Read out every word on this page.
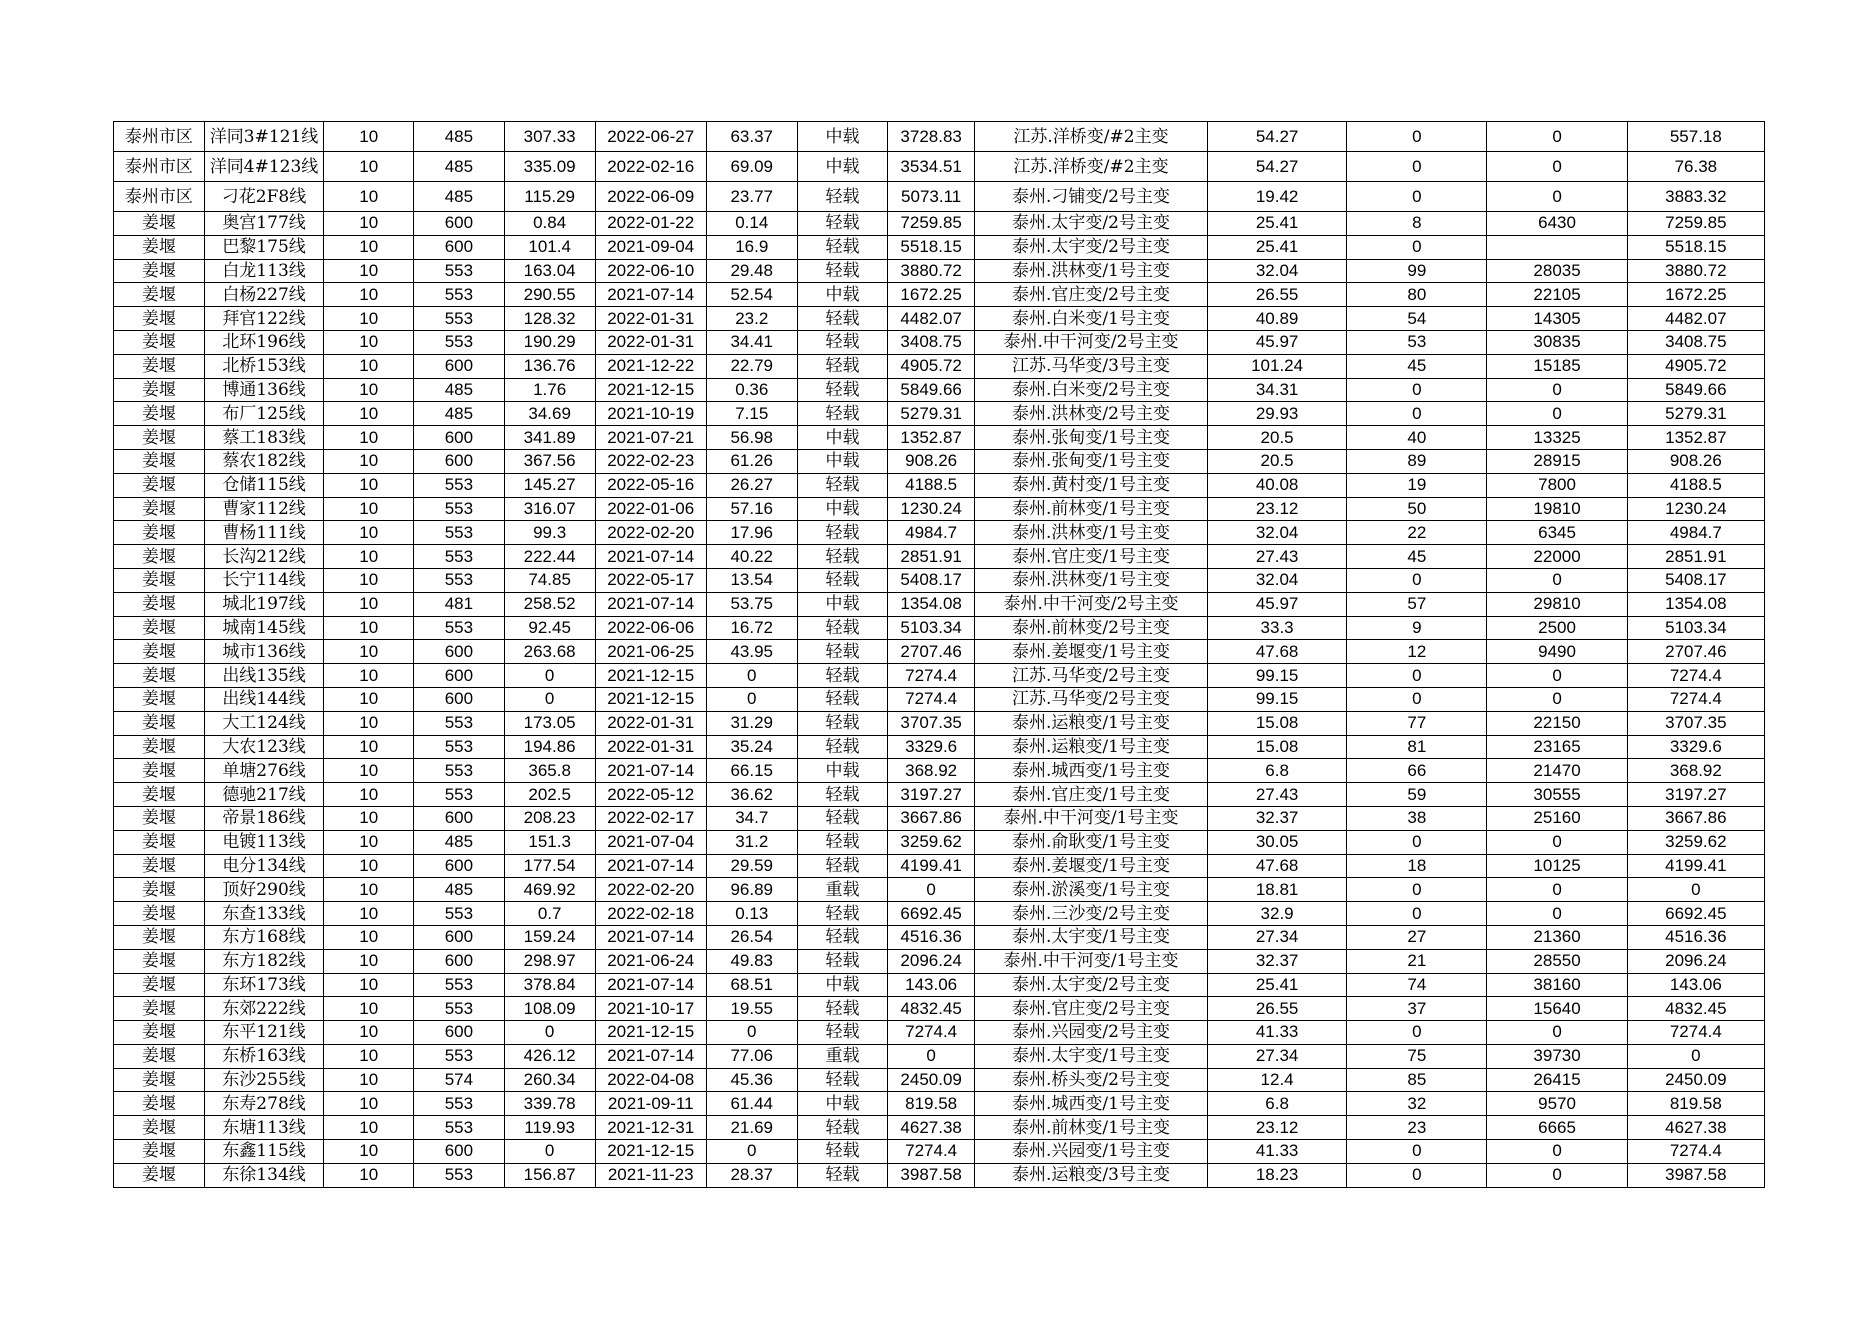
泰州市区	洋同3#121线	10	485	307.33	2022-06-27	63.37	中载	3728.83	江苏.洋桥变/#2主变	54.27	0	0	557.18
泰州市区	洋同4#123线	10	485	335.09	2022-02-16	69.09	中载	3534.51	江苏.洋桥变/#2主变	54.27	0	0	76.38
泰州市区	刁花2F8线	10	485	115.29	2022-06-09	23.77	轻载	5073.11	泰州.刁铺变/2号主变	19.42	0	0	3883.32
姜堰	奥宫177线	10	600	0.84	2022-01-22	0.14	轻载	7259.85	泰州.太宇变/2号主变	25.41	8	6430	7259.85
姜堰	巴黎175线	10	600	101.4	2021-09-04	16.9	轻载	5518.15	泰州.太宇变/2号主变	25.41	0		5518.15
姜堰	白龙113线	10	553	163.04	2022-06-10	29.48	轻载	3880.72	泰州.洪林变/1号主变	32.04	99	28035	3880.72
姜堰	白杨227线	10	553	290.55	2021-07-14	52.54	中载	1672.25	泰州.官庄变/2号主变	26.55	80	22105	1672.25
姜堰	拜官122线	10	553	128.32	2022-01-31	23.2	轻载	4482.07	泰州.白米变/1号主变	40.89	54	14305	4482.07
姜堰	北环196线	10	553	190.29	2022-01-31	34.41	轻载	3408.75	泰州.中干河变/2号主变	45.97	53	30835	3408.75
姜堰	北桥153线	10	600	136.76	2021-12-22	22.79	轻载	4905.72	江苏.马华变/3号主变	101.24	45	15185	4905.72
姜堰	博通136线	10	485	1.76	2021-12-15	0.36	轻载	5849.66	泰州.白米变/2号主变	34.31	0	0	5849.66
姜堰	布厂125线	10	485	34.69	2021-10-19	7.15	轻载	5279.31	泰州.洪林变/2号主变	29.93	0	0	5279.31
姜堰	蔡工183线	10	600	341.89	2021-07-21	56.98	中载	1352.87	泰州.张甸变/1号主变	20.5	40	13325	1352.87
姜堰	蔡农182线	10	600	367.56	2022-02-23	61.26	中载	908.26	泰州.张甸变/1号主变	20.5	89	28915	908.26
姜堰	仓储115线	10	553	145.27	2022-05-16	26.27	轻载	4188.5	泰州.黄村变/1号主变	40.08	19	7800	4188.5
姜堰	曹家112线	10	553	316.07	2022-01-06	57.16	中载	1230.24	泰州.前林变/1号主变	23.12	50	19810	1230.24
姜堰	曹杨111线	10	553	99.3	2022-02-20	17.96	轻载	4984.7	泰州.洪林变/1号主变	32.04	22	6345	4984.7
姜堰	长沟212线	10	553	222.44	2021-07-14	40.22	轻载	2851.91	泰州.官庄变/1号主变	27.43	45	22000	2851.91
姜堰	长宁114线	10	553	74.85	2022-05-17	13.54	轻载	5408.17	泰州.洪林变/1号主变	32.04	0	0	5408.17
姜堰	城北197线	10	481	258.52	2021-07-14	53.75	中载	1354.08	泰州.中干河变/2号主变	45.97	57	29810	1354.08
姜堰	城南145线	10	553	92.45	2022-06-06	16.72	轻载	5103.34	泰州.前林变/2号主变	33.3	9	2500	5103.34
姜堰	城市136线	10	600	263.68	2021-06-25	43.95	轻载	2707.46	泰州.姜堰变/1号主变	47.68	12	9490	2707.46
姜堰	出线135线	10	600	0	2021-12-15	0	轻载	7274.4	江苏.马华变/2号主变	99.15	0	0	7274.4
姜堰	出线144线	10	600	0	2021-12-15	0	轻载	7274.4	江苏.马华变/2号主变	99.15	0	0	7274.4
姜堰	大工124线	10	553	173.05	2022-01-31	31.29	轻载	3707.35	泰州.运粮变/1号主变	15.08	77	22150	3707.35
姜堰	大农123线	10	553	194.86	2022-01-31	35.24	轻载	3329.6	泰州.运粮变/1号主变	15.08	81	23165	3329.6
姜堰	单塘276线	10	553	365.8	2021-07-14	66.15	中载	368.92	泰州.城西变/1号主变	6.8	66	21470	368.92
姜堰	德驰217线	10	553	202.5	2022-05-12	36.62	轻载	3197.27	泰州.官庄变/1号主变	27.43	59	30555	3197.27
姜堰	帝景186线	10	600	208.23	2022-02-17	34.7	轻载	3667.86	泰州.中干河变/1号主变	32.37	38	25160	3667.86
姜堰	电镀113线	10	485	151.3	2021-07-04	31.2	轻载	3259.62	泰州.俞耿变/1号主变	30.05	0	0	3259.62
姜堰	电分134线	10	600	177.54	2021-07-14	29.59	轻载	4199.41	泰州.姜堰变/1号主变	47.68	18	10125	4199.41
姜堰	顶好290线	10	485	469.92	2022-02-20	96.89	重载	0	泰州.淤溪变/1号主变	18.81	0	0	0
姜堰	东查133线	10	553	0.7	2022-02-18	0.13	轻载	6692.45	泰州.三沙变/2号主变	32.9	0	0	6692.45
姜堰	东方168线	10	600	159.24	2021-07-14	26.54	轻载	4516.36	泰州.太宇变/1号主变	27.34	27	21360	4516.36
姜堰	东方182线	10	600	298.97	2021-06-24	49.83	轻载	2096.24	泰州.中干河变/1号主变	32.37	21	28550	2096.24
姜堰	东环173线	10	553	378.84	2021-07-14	68.51	中载	143.06	泰州.太宇变/2号主变	25.41	74	38160	143.06
姜堰	东郊222线	10	553	108.09	2021-10-17	19.55	轻载	4832.45	泰州.官庄变/2号主变	26.55	37	15640	4832.45
姜堰	东平121线	10	600	0	2021-12-15	0	轻载	7274.4	泰州.兴园变/2号主变	41.33	0	0	7274.4
姜堰	东桥163线	10	553	426.12	2021-07-14	77.06	重载	0	泰州.太宇变/1号主变	27.34	75	39730	0
姜堰	东沙255线	10	574	260.34	2022-04-08	45.36	轻载	2450.09	泰州.桥头变/2号主变	12.4	85	26415	2450.09
姜堰	东寿278线	10	553	339.78	2021-09-11	61.44	中载	819.58	泰州.城西变/1号主变	6.8	32	9570	819.58
姜堰	东塘113线	10	553	119.93	2021-12-31	21.69	轻载	4627.38	泰州.前林变/1号主变	23.12	23	6665	4627.38
姜堰	东鑫115线	10	600	0	2021-12-15	0	轻载	7274.4	泰州.兴园变/1号主变	41.33	0	0	7274.4
姜堰	东徐134线	10	553	156.87	2021-11-23	28.37	轻载	3987.58	泰州.运粮变/3号主变	18.23	0	0	3987.58
